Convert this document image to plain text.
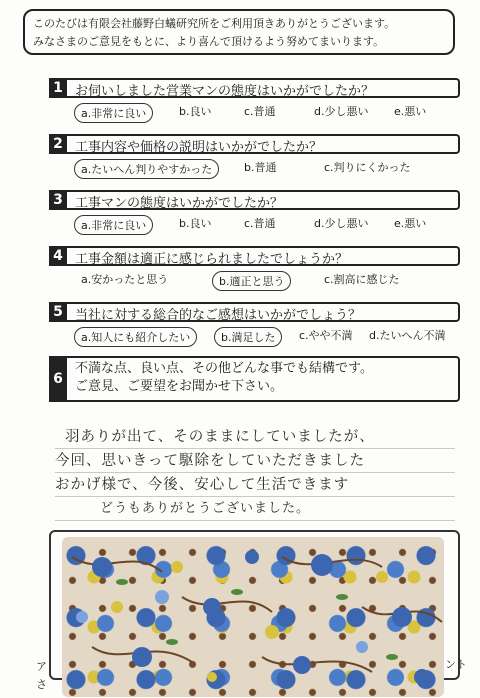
このたびは有限会社藤野白蟻研究所をご利用頂きありがとうございます。
みなさまのご意見をもとに、より喜んで頂けるよう努めてまいります。
1 お伺いしました営業マンの態度はいかがでしたか？
a.非常に良い	b.良い	c.普通	d.少し悪い e.悪い
2 工事内容や価格の説明はいかがでしたか？
a.たいへん判りやすかった	b.普通	c.判りにくかった
3 工事マンの態度はいかがでしたか？
a.非常に良い	b.良い	c.普通	d.少し悪い e.悪い
4 工事金額は適正に感じられましたでしょうか？
a.安かったと思う	b.適正と思う	c.割高に感じた
5 当社に対する総合的なご感想はいかがでしょう？
a.知人にも紹介したい	b.満足した	c.やや不満 d.たいへん不満
6
不満な点、良い点、その他どんな事でも結構です。
ご意見、ご要望をお聞かせ下さい。
羽ありが出て、そのままにしていましたが、
今回、思いきって駆除をしていただきました
おかげ様で、今後、安心して生活できます
どうもありがとうございました。
ア
さ
ント
